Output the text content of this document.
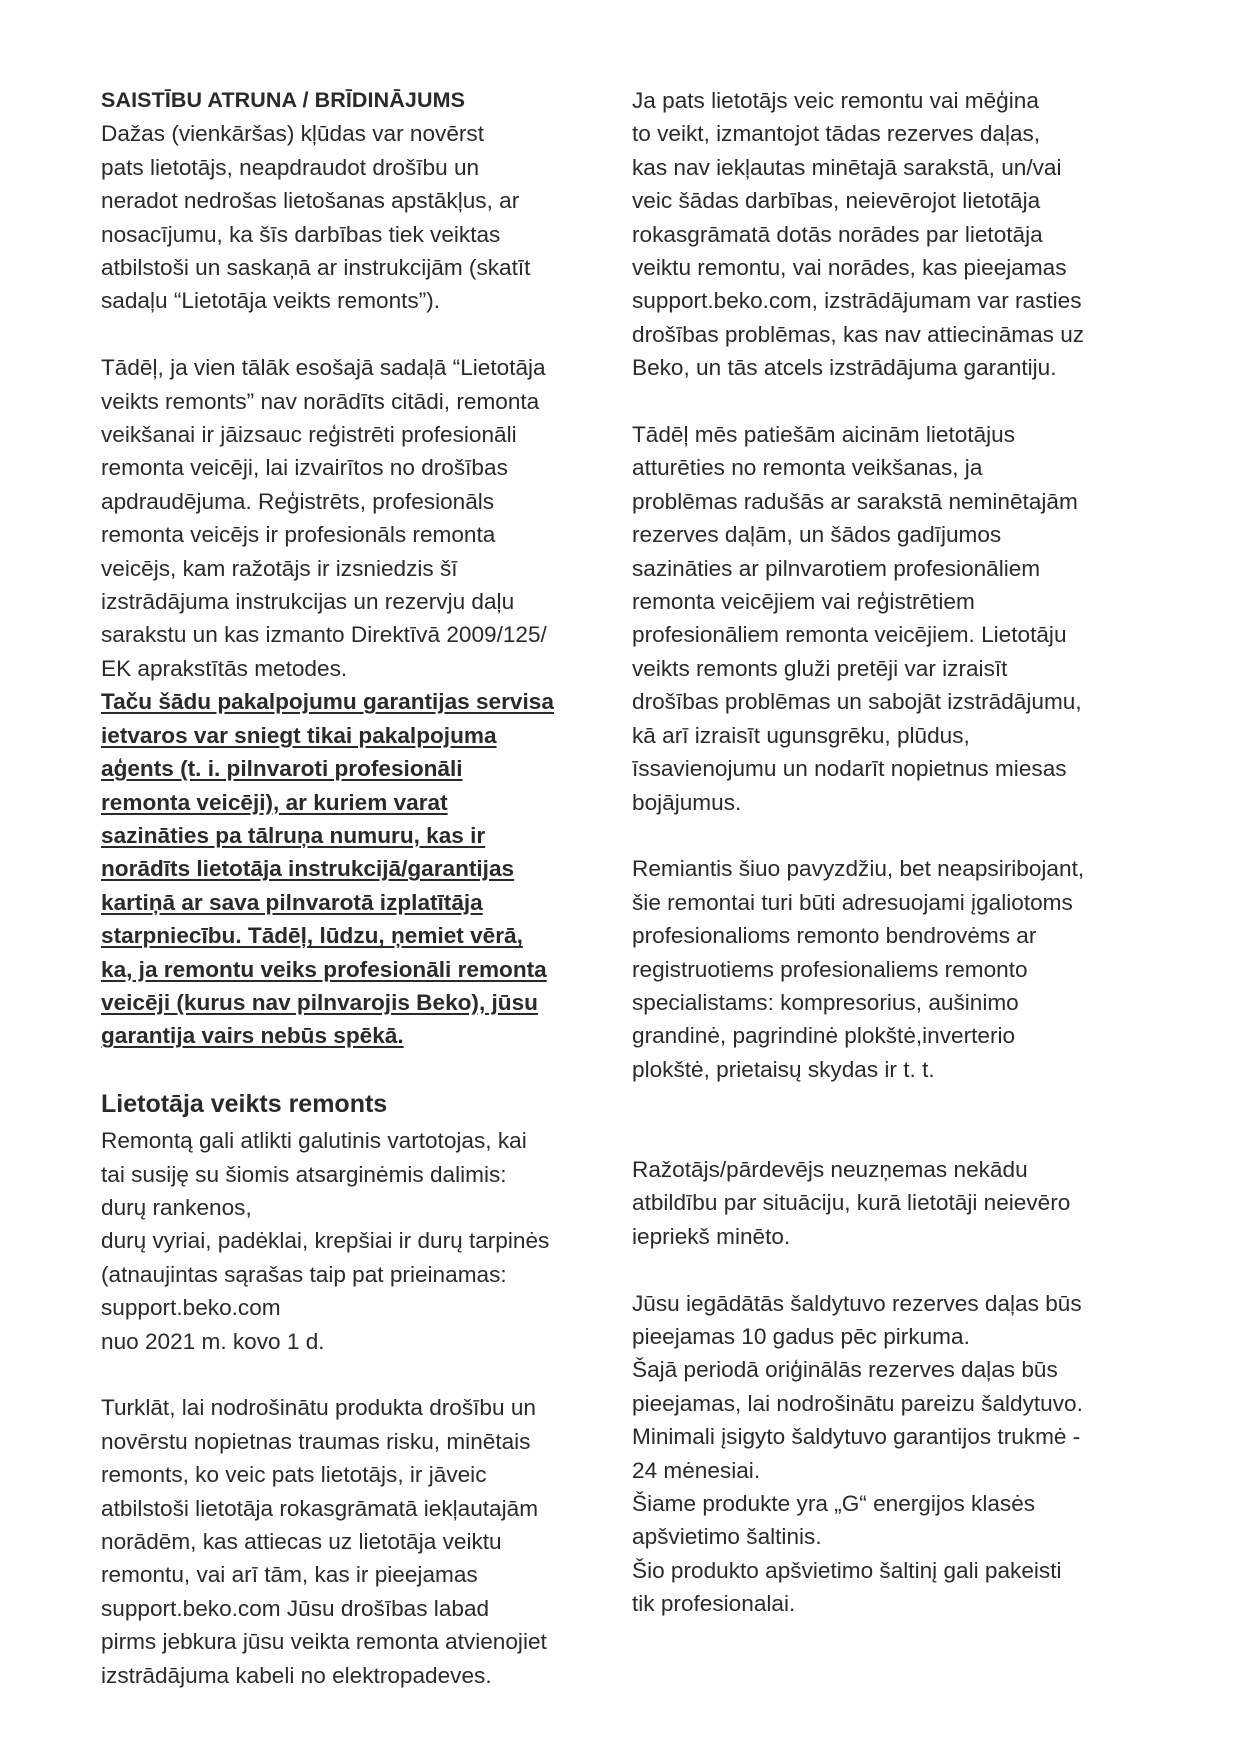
SAISTĪBU ATRUNA / BRĪDINĀJUMS
Dažas (vienkāršas) kļūdas var novērst
pats lietotājs, neapdraudot drošību un
neradot nedrošas lietošanas apstākļus, ar
nosacījumu, ka šīs darbības tiek veiktas
atbilstoši un saskaņā ar instrukcijām (skatīt
sadaļu “Lietotāja veikts remonts”).
Tādēļ, ja vien tālāk esošajā sadaļā “Lietotāja
veikts remonts” nav norādīts citādi, remonta
veikšanai ir jāizsauc reģistrēti profesionāli
remonta veicēji, lai izvairītos no drošības
apdraudējuma. Reģistrēts, profesionāls
remonta veicējs ir profesionāls remonta
veicējs, kam ražotājs ir izsniedzis šī
izstrādājuma instrukcijas un rezervju daļu
sarakstu un kas izmanto Direktīvā 2009/125/
EK aprakstītās metodes.
Taču šādu pakalpojumu garantijas servisa
ietvaros var sniegt tikai pakalpojuma
aģents (t. i. pilnvaroti profesionāli
remonta veicēji), ar kuriem varat
sazināties pa tālruņa numuru, kas ir
norādīts lietotāja instrukcijā/garantijas
kartiņā ar sava pilnvarotā izplatītāja
starpniecību. Tādēļ, lūdzu, ņemiet vērā,
ka, ja remontu veiks profesionāli remonta
veicēji (kurus nav pilnvarojis Beko), jūsu
garantija vairs nebūs spēkā.
Lietotāja veikts remonts
Remontą gali atlikti galutinis vartotojas, kai
tai susiję su šiomis atsarginėmis dalimis:
durų rankenos,
durų vyriai, padėklai, krepšiai ir durų tarpinės
(atnaujintas sąrašas taip pat prieinamas:
support.beko.com
nuo 2021 m. kovo 1 d.
Turklāt, lai nodrošinātu produkta drošību un
novērstu nopietnas traumas risku, minētais
remonts, ko veic pats lietotājs, ir jāveic
atbilstoši lietotāja rokasgrāmatā iekļautajām
norādēm, kas attiecas uz lietotāja veiktu
remontu, vai arī tām, kas ir pieejamas
support.beko.com Jūsu drošības labad
pirms jebkura jūsu veikta remonta atvienojiet
izstrādājuma kabeli no elektropadeves.
Ja pats lietotājs veic remontu vai mēģina
to veikt, izmantojot tādas rezerves daļas,
kas nav iekļautas minētajā sarakstā, un/vai
veic šādas darbības, neievērojot lietotāja
rokasgrāmatā dotās norādes par lietotāja
veiktu remontu, vai norādes, kas pieejamas
support.beko.com, izstrādājumam var rasties
drošības problēmas, kas nav attiecināmas uz
Beko, un tās atcels izstrādājuma garantiju.
Tādēļ mēs patiešām aicinām lietotājus
atturēties no remonta veikšanas, ja
problēmas radušās ar sarakstā neminētajām
rezerves daļām, un šādos gadījumos
sazināties ar pilnvarotiem profesionāliem
remonta veicējiem vai reģistrētiem
profesionāliem remonta veicējiem. Lietotāju
veikts remonts gluži pretēji var izraisīt
drošības problēmas un sabojāt izstrādājumu,
kā arī izraisīt ugunsgrēku, plūdus,
īssavienojumu un nodarīt nopietnus miesas
bojājumus.
Remiantis šiuo pavyzdžiu, bet neapsiribojant,
šie remontai turi būti adresuojami įgaliotoms
profesionalioms remonto bendrovėms ar
registruotiems profesionaliems remonto
specialistams: kompresorius, aušinimo
grandinė, pagrindinė plokštė,inverterio
plokštė, prietaisų skydas ir t. t.
Ražotājs/pārdevējs neuzņemas nekādu
atbildību par situāciju, kurā lietotāji neievēro
iepriekš minēto.
Jūsu iegādātās šaldytuvo rezerves daļas būs
pieejamas 10 gadus pēc pirkuma.
Šajā periodā oriģinālās rezerves daļas būs
pieejamas, lai nodrošinātu pareizu šaldytuvo.
Minimali įsigyto šaldytuvo garantijos trukmė -
24 mėnesiai.
Šiame produkte yra „G“ energijos klasės
apšvietimo šaltinis.
Šio produkto apšvietimo šaltinį gali pakeisti
tik profesionalai.
